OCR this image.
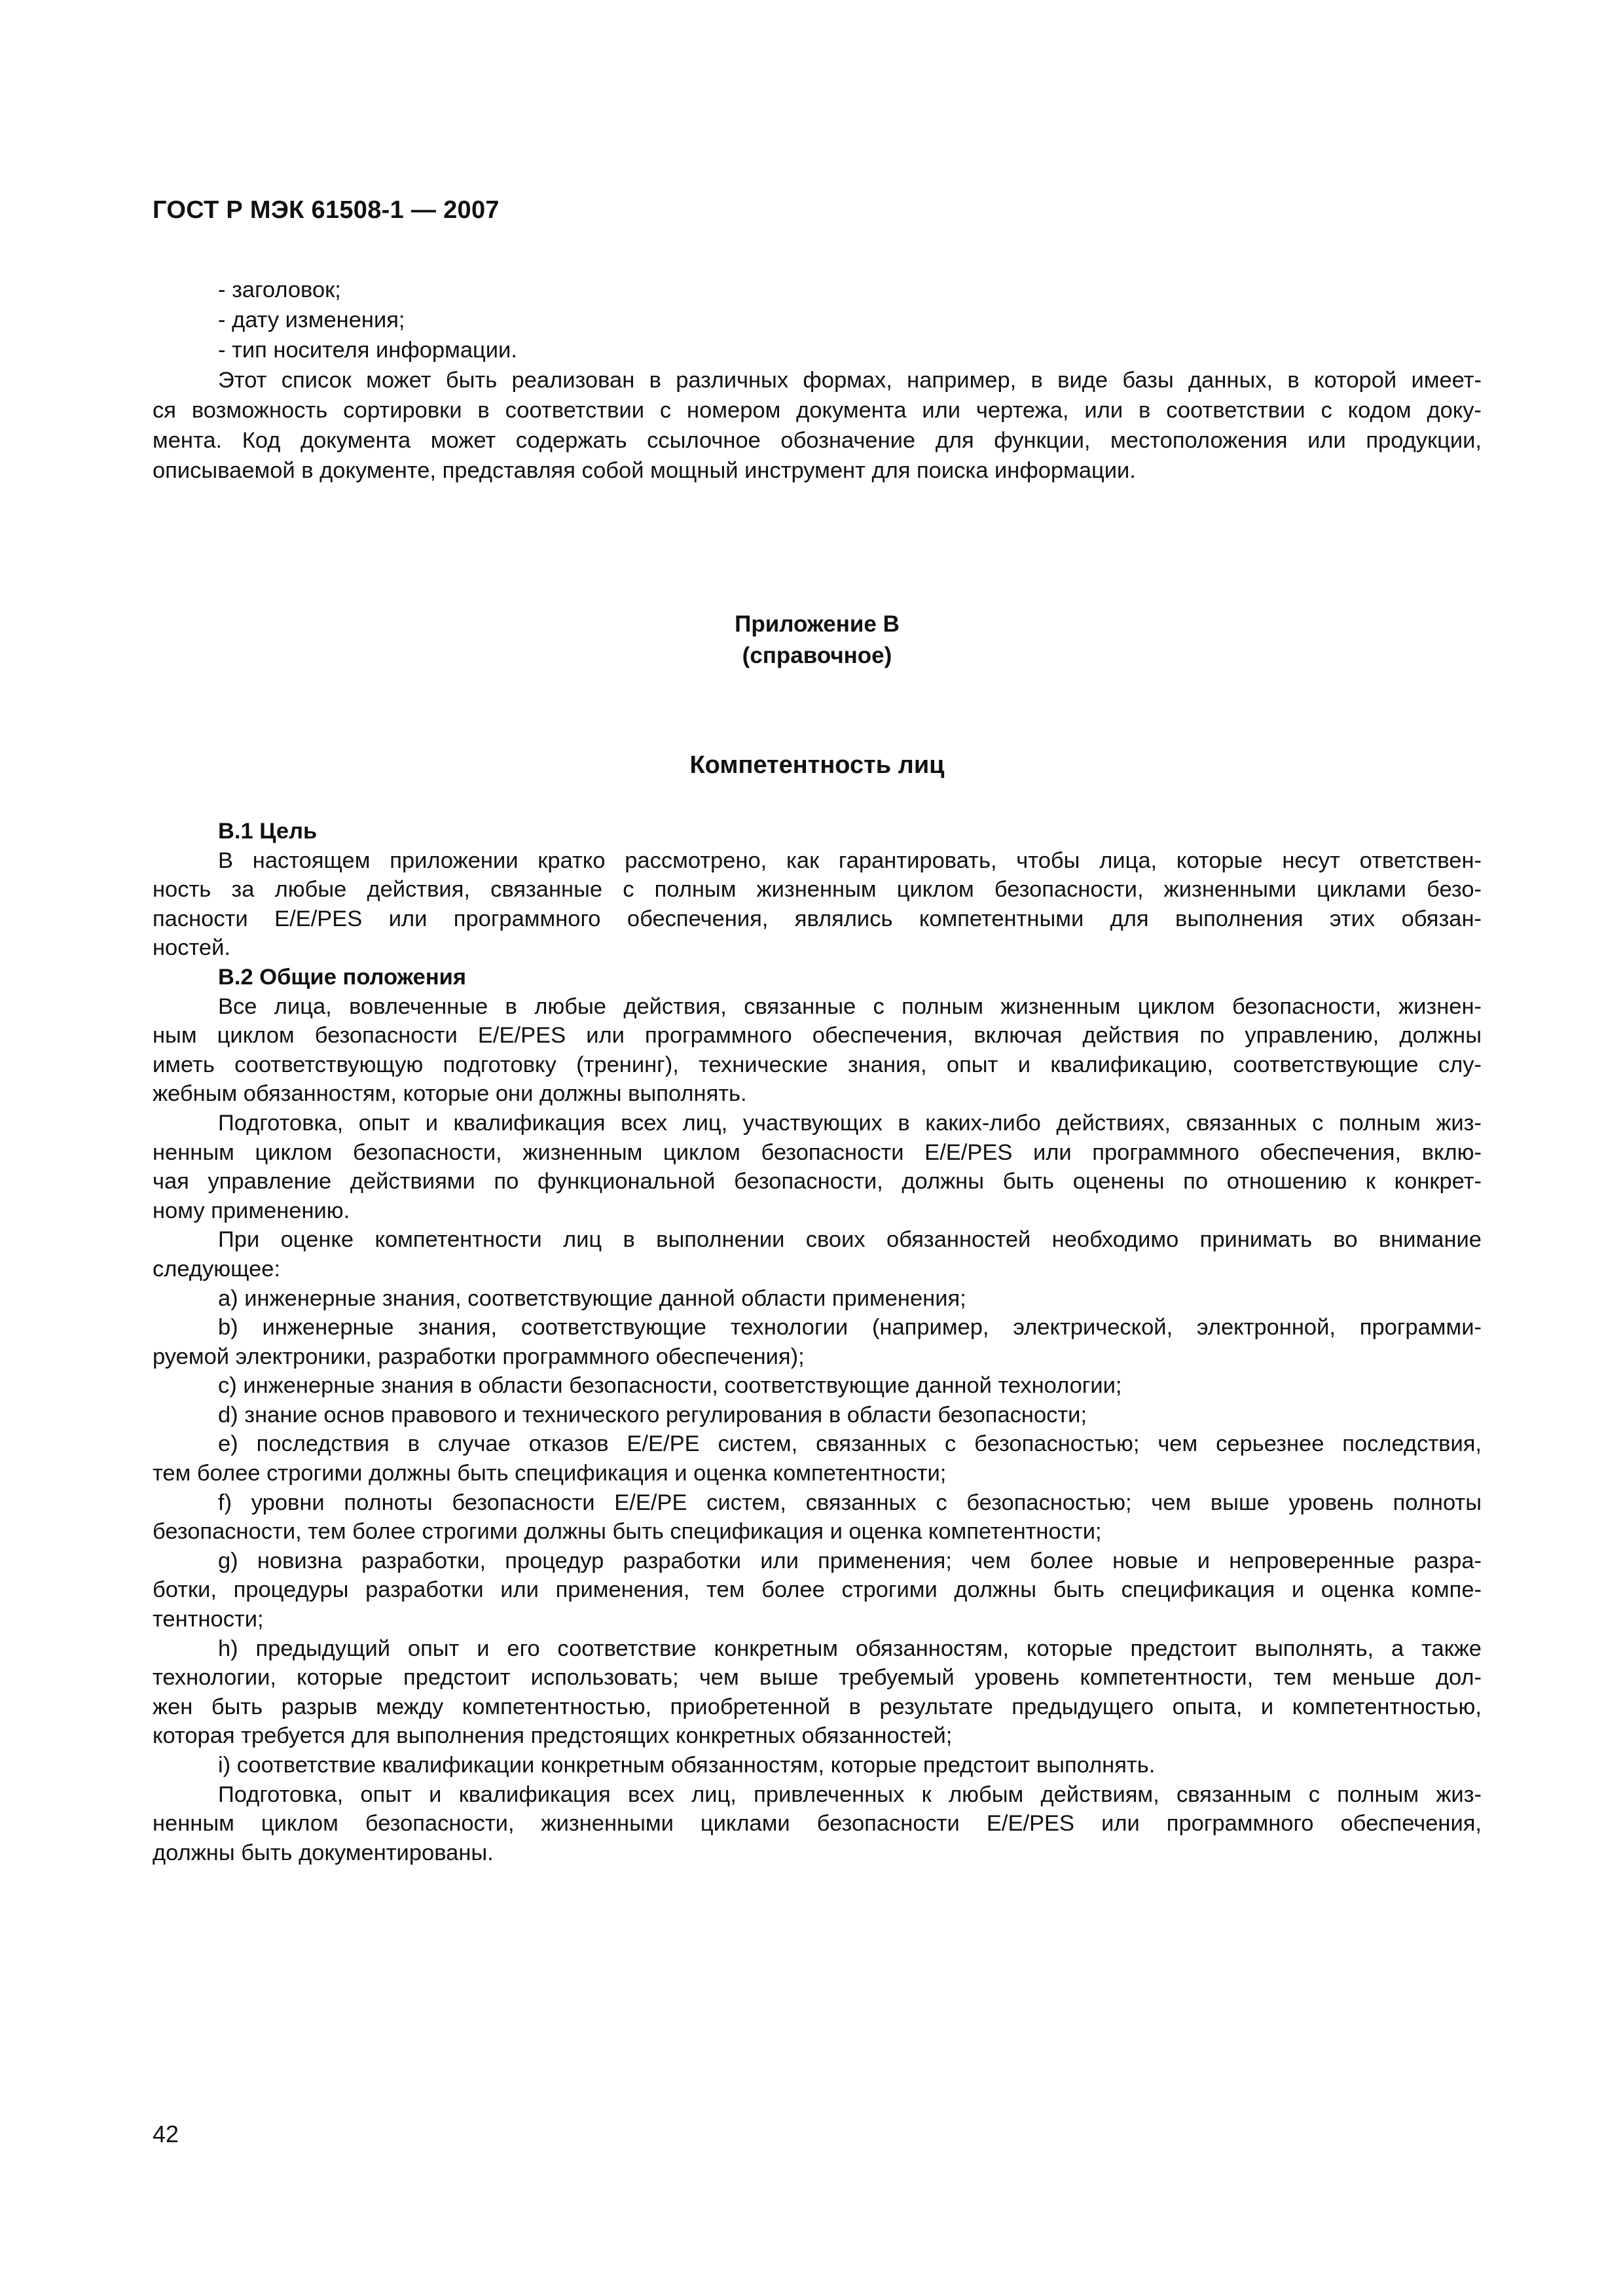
ГОСТ Р МЭК 61508-1 — 2007
- заголовок;
- дату изменения;
- тип носителя информации.
Этот список может быть реализован в различных формах, например, в виде базы данных, в которой имеет-
ся возможность сортировки в соответствии с номером документа или чертежа, или в соответствии с кодом доку-
мента. Код документа может содержать ссылочное обозначение для функции, местоположения или продукции,
описываемой в документе, представляя собой мощный инструмент для поиска информации.
Приложение В
(справочное)
Компетентность лиц
В.1 Цель
В настоящем приложении кратко рассмотрено, как гарантировать, чтобы лица, которые несут ответствен-
ность за любые действия, связанные с полным жизненным циклом безопасности, жизненными циклами безо-
пасности E/E/PES или программного обеспечения, являлись компетентными для выполнения этих обязан-
ностей.
В.2 Общие положения
Все лица, вовлеченные в любые действия, связанные с полным жизненным циклом безопасности, жизнен-
ным циклом безопасности E/E/PES или программного обеспечения, включая действия по управлению, должны
иметь соответствующую подготовку (тренинг), технические знания, опыт и квалификацию, соответствующие слу-
жебным обязанностям, которые они должны выполнять.
Подготовка, опыт и квалификация всех лиц, участвующих в каких-либо действиях, связанных с полным жиз-
ненным циклом безопасности, жизненным циклом безопасности E/E/PES или программного обеспечения, вклю-
чая управление действиями по функциональной безопасности, должны быть оценены по отношению к конкрет-
ному применению.
При оценке компетентности лиц в выполнении своих обязанностей необходимо принимать во внимание
следующее:
а) инженерные знания, соответствующие данной области применения;
b) инженерные знания, соответствующие технологии (например, электрической, электронной, программи-
руемой электроники, разработки программного обеспечения);
с) инженерные знания в области безопасности, соответствующие данной технологии;
d) знание основ правового и технического регулирования в области безопасности;
е) последствия в случае отказов E/E/PE систем, связанных с безопасностью; чем серьезнее последствия,
тем более строгими должны быть спецификация и оценка компетентности;
f) уровни полноты безопасности E/E/PE систем, связанных с безопасностью; чем выше уровень полноты
безопасности, тем более строгими должны быть спецификация и оценка компетентности;
g) новизна разработки, процедур разработки или применения; чем более новые и непроверенные разра-
ботки, процедуры разработки или применения, тем более строгими должны быть спецификация и оценка компе-
тентности;
h) предыдущий опыт и его соответствие конкретным обязанностям, которые предстоит выполнять, а также
технологии, которые предстоит использовать; чем выше требуемый уровень компетентности, тем меньше дол-
жен быть разрыв между компетентностью, приобретенной в результате предыдущего опыта, и компетентностью,
которая требуется для выполнения предстоящих конкретных обязанностей;
i) соответствие квалификации конкретным обязанностям, которые предстоит выполнять.
Подготовка, опыт и квалификация всех лиц, привлеченных к любым действиям, связанным с полным жиз-
ненным циклом безопасности, жизненными циклами безопасности E/E/PES или программного обеспечения,
должны быть документированы.
42
